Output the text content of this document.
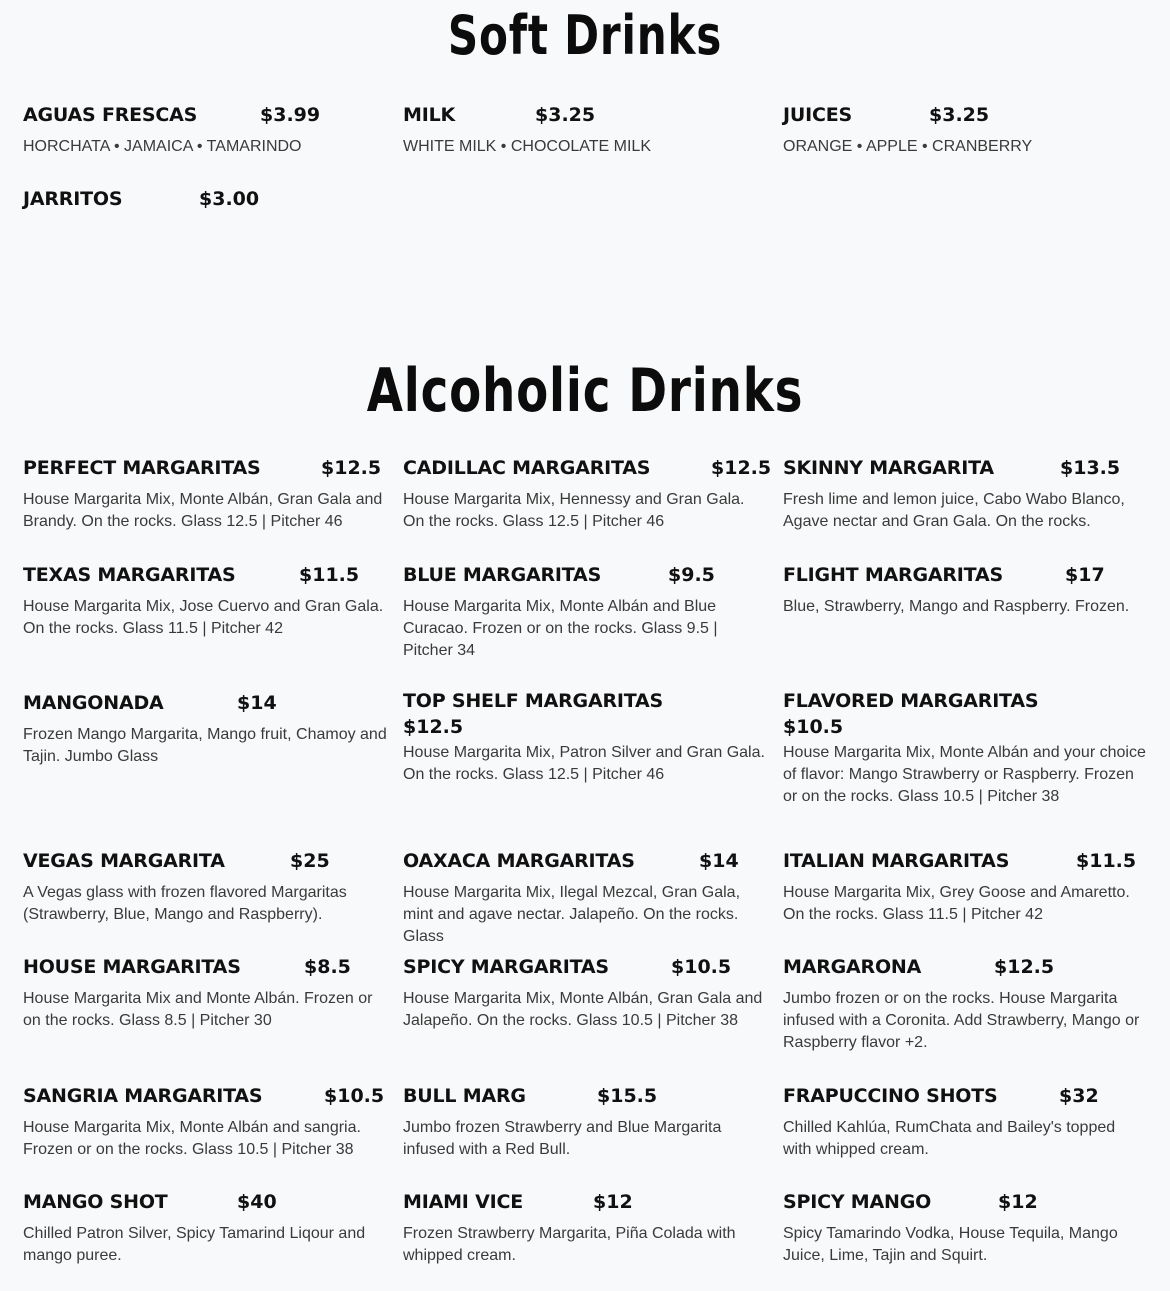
Soft Drinks
AGUAS FRESCAS	$3.99
HORCHATA • JAMAICA • TAMARINDO
MILK	$3.25
WHITE MILK • CHOCOLATE MILK
JUICES	$3.25
ORANGE • APPLE • CRANBERRY
JARRITOS	$3.00
Alcoholic Drinks
PERFECT MARGARITAS	$12.5
House Margarita Mix, Monte Albán, Gran Gala and Brandy. On the rocks. Glass 12.5 | Pitcher 46
CADILLAC MARGARITAS	$12.5
House Margarita Mix, Hennessy and Gran Gala. On the rocks. Glass 12.5 | Pitcher 46
SKINNY MARGARITA	$13.5
Fresh lime and lemon juice, Cabo Wabo Blanco, Agave nectar and Gran Gala. On the rocks.
TEXAS MARGARITAS	$11.5
House Margarita Mix, Jose Cuervo and Gran Gala. On the rocks. Glass 11.5 | Pitcher 42
BLUE MARGARITAS	$9.5
House Margarita Mix, Monte Albán and Blue Curacao. Frozen or on the rocks. Glass 9.5 | Pitcher 34
FLIGHT MARGARITAS	$17
Blue, Strawberry, Mango and Raspberry. Frozen.
MANGONADA	$14
Frozen Mango Margarita, Mango fruit, Chamoy and Tajin. Jumbo Glass
TOP SHELF MARGARITAS
$12.5
House Margarita Mix, Patron Silver and Gran Gala. On the rocks. Glass 12.5 | Pitcher 46
FLAVORED MARGARITAS
$10.5
House Margarita Mix, Monte Albán and your choice of flavor: Mango Strawberry or Raspberry. Frozen or on the rocks. Glass 10.5 | Pitcher 38
VEGAS MARGARITA	$25
A Vegas glass with frozen flavored Margaritas (Strawberry, Blue, Mango and Raspberry).
OAXACA MARGARITAS	$14
House Margarita Mix, Ilegal Mezcal, Gran Gala, mint and agave nectar. Jalapeño. On the rocks. Glass
ITALIAN MARGARITAS	$11.5
House Margarita Mix, Grey Goose and Amaretto. On the rocks. Glass 11.5 | Pitcher 42
HOUSE MARGARITAS	$8.5
House Margarita Mix and Monte Albán. Frozen or on the rocks. Glass 8.5 | Pitcher 30
SPICY MARGARITAS	$10.5
House Margarita Mix, Monte Albán, Gran Gala and Jalapeño. On the rocks. Glass 10.5 | Pitcher 38
MARGARONA	$12.5
Jumbo frozen or on the rocks. House Margarita infused with a Coronita. Add Strawberry, Mango or Raspberry flavor +2.
SANGRIA MARGARITAS	$10.5
House Margarita Mix, Monte Albán and sangria. Frozen or on the rocks. Glass 10.5 | Pitcher 38
BULL MARG	$15.5
Jumbo frozen Strawberry and Blue Margarita infused with a Red Bull.
FRAPUCCINO SHOTS	$32
Chilled Kahlúa, RumChata and Bailey's topped with whipped cream.
MANGO SHOT	$40
Chilled Patron Silver, Spicy Tamarind Liqour and mango puree.
MIAMI VICE	$12
Frozen Strawberry Margarita, Piña Colada with whipped cream.
SPICY MANGO	$12
Spicy Tamarindo Vodka, House Tequila, Mango Juice, Lime, Tajin and Squirt.
